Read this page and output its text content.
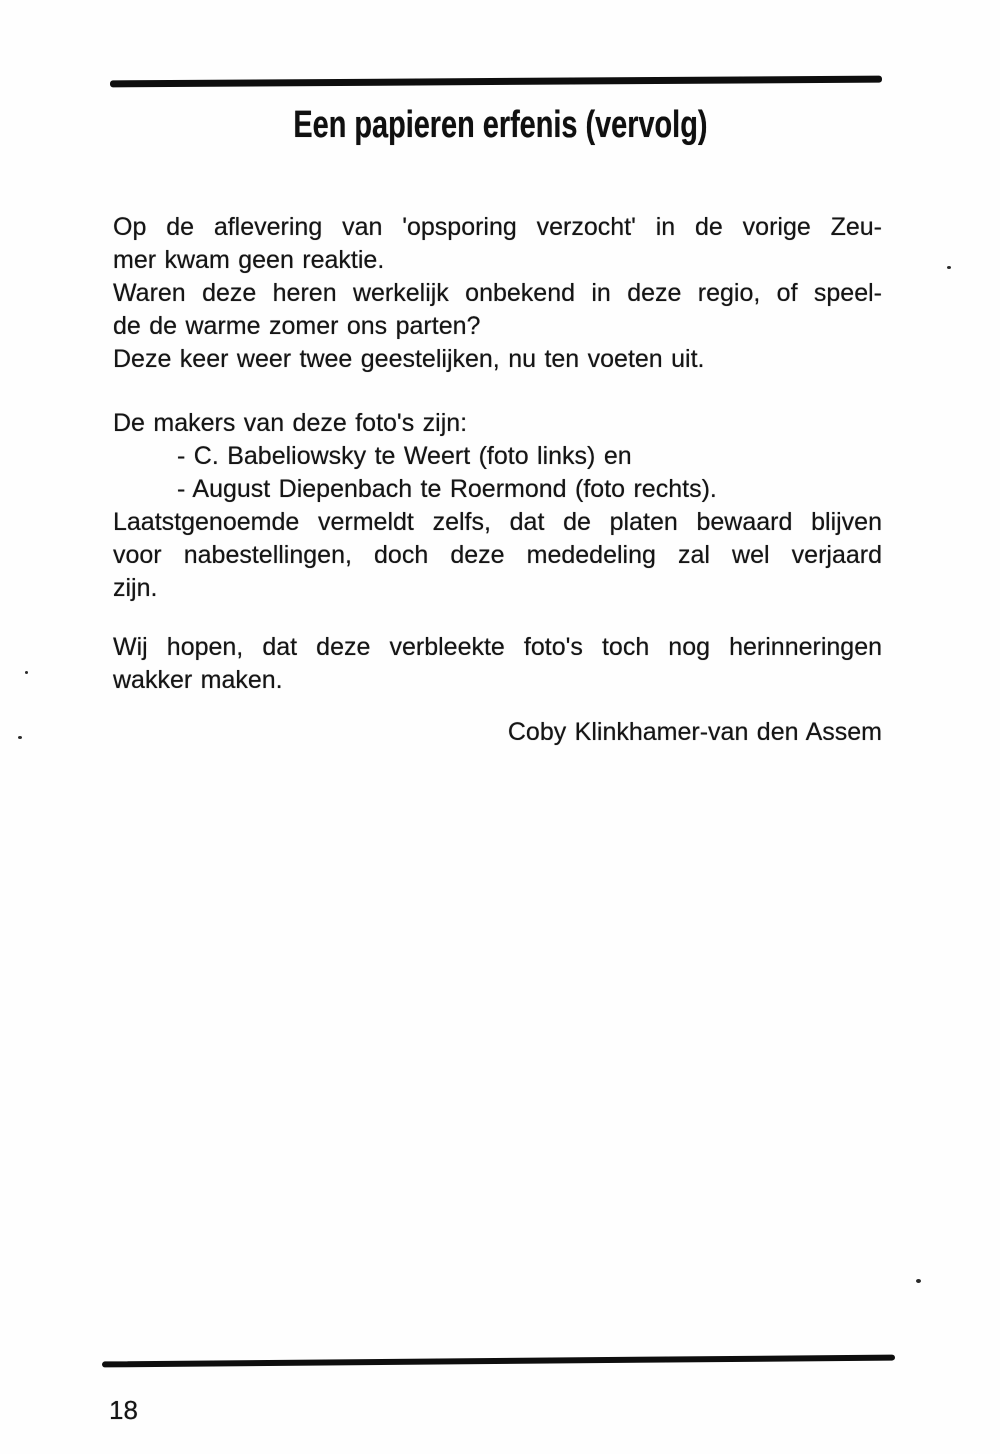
Een papieren erfenis (vervolg)
Op de aflevering van 'opsporing verzocht' in de vorige Zeu-
mer kwam geen reaktie.
Waren deze heren werkelijk onbekend in deze regio, of speel-
de de warme zomer ons parten?
Deze keer weer twee geestelijken, nu ten voeten uit.
De makers van deze foto's zijn:
- C. Babeliowsky te Weert (foto links) en
- August Diepenbach te Roermond (foto rechts).
Laatstgenoemde vermeldt zelfs, dat de platen bewaard blijven
voor nabestellingen, doch deze mededeling zal wel verjaard
zijn.
Wij hopen, dat deze verbleekte foto's toch nog herinneringen
wakker maken.
Coby Klinkhamer-van den Assem
18
